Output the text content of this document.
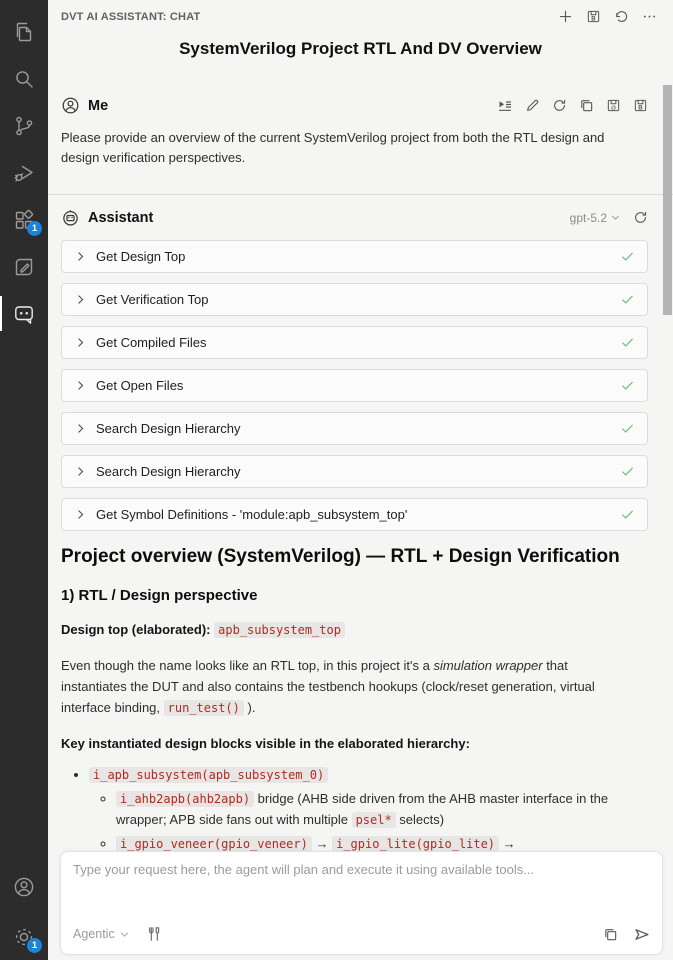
1
1
DVT AI ASSISTANT: CHAT	B
SystemVerilog Project RTL And DV Overview
Me	@	B
Please provide an overview of the current SystemVerilog project from both the RTL design and design verification perspectives.
Assistant	gpt-5.2
Get Design Top
Get Verification Top
Get Compiled Files
Get Open Files
Search Design Hierarchy
Search Design Hierarchy
Get Symbol Definitions - 'module:apb_subsystem_top'
Project overview (SystemVerilog) — RTL + Design Verification
1) RTL / Design perspective
Design top (elaborated): apb_subsystem_top
Even though the name looks like an RTL top, in this project it's a simulation wrapper that instantiates the DUT and also contains the testbench hookups (clock/reset generation, virtual interface binding, run_test() ).
Key instantiated design blocks visible in the elaborated hierarchy:
• i_apb_subsystem(apb_subsystem_0)
◦ i_ahb2apb(ahb2apb) bridge (AHB side driven from the AHB master interface in the wrapper; APB side fans out with multiple psel* selects)
◦ i_gpio_veneer(gpio_veneer) → i_gpio_lite(gpio_lite) →
◦
Type your request here, the agent will plan and execute it using available tools...
Agentic
